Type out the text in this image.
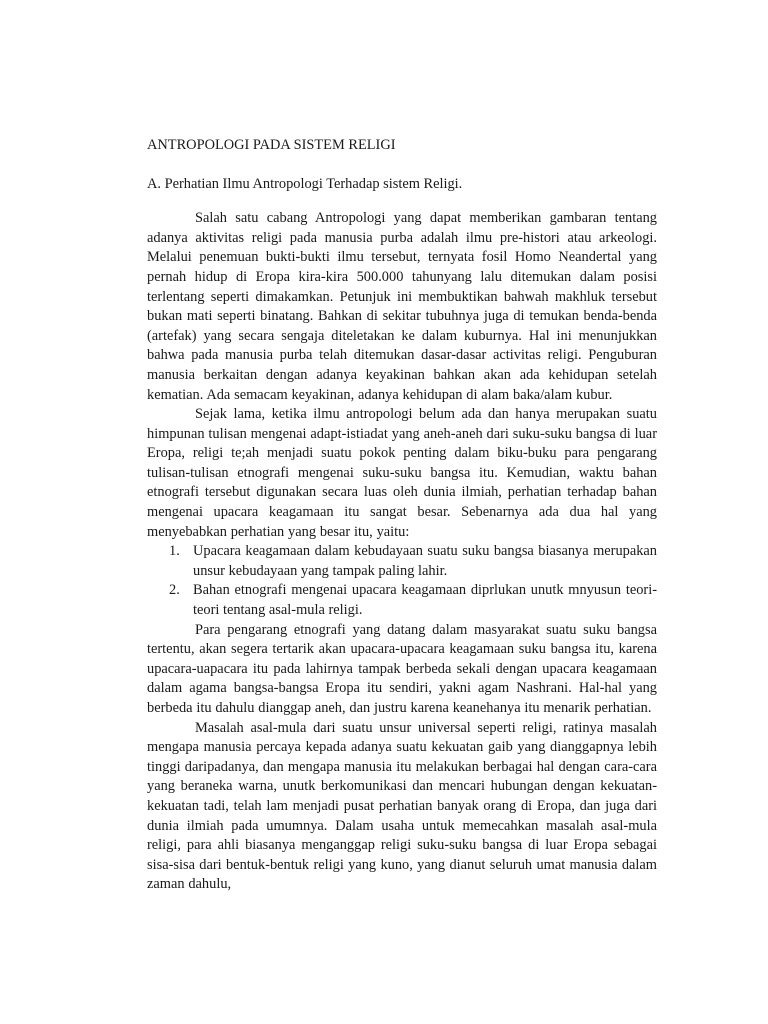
ANTROPOLOGI PADA SISTEM RELIGI

A. Perhatian Ilmu Antropologi Terhadap sistem Religi.

Salah satu cabang Antropologi yang dapat memberikan gambaran tentang adanya aktivitas religi pada manusia purba adalah ilmu pre-histori atau arkeologi. Melalui penemuan bukti-bukti ilmu tersebut, ternyata fosil Homo Neandertal yang pernah hidup di Eropa kira-kira 500.000 tahunyang lalu ditemukan dalam posisi terlentang seperti dimakamkan. Petunjuk ini membuktikan bahwah makhluk tersebut bukan mati seperti binatang. Bahkan di sekitar tubuhnya juga di temukan benda-benda (artefak) yang secara sengaja diteletakan ke dalam kuburnya. Hal ini menunjukkan bahwa pada manusia purba telah ditemukan dasar-dasar activitas religi. Penguburan manusia berkaitan dengan adanya keyakinan bahkan akan ada kehidupan setelah kematian. Ada semacam keyakinan, adanya kehidupan di alam baka/alam kubur.

Sejak lama, ketika ilmu antropologi belum ada dan hanya merupakan suatu himpunan tulisan mengenai adapt-istiadat yang aneh-aneh dari suku-suku bangsa di luar Eropa, religi te;ah menjadi suatu pokok penting dalam biku-buku para pengarang tulisan-tulisan etnografi mengenai suku-suku bangsa itu. Kemudian, waktu bahan etnografi tersebut digunakan secara luas oleh dunia ilmiah, perhatian terhadap bahan mengenai upacara keagamaan itu sangat besar. Sebenarnya ada dua hal yang menyebabkan perhatian yang besar itu, yaitu:

1. Upacara keagamaan dalam kebudayaan suatu suku bangsa biasanya merupakan unsur kebudayaan yang tampak paling lahir.
2. Bahan etnografi mengenai upacara keagamaan diprlukan unutk mnyusun teori-teori tentang asal-mula religi.

Para pengarang etnografi yang datang dalam masyarakat suatu suku bangsa tertentu, akan segera tertarik akan upacara-upacara keagamaan suku bangsa itu, karena upacara-uapacara itu pada lahirnya tampak berbeda sekali dengan upacara keagamaan dalam agama bangsa-bangsa Eropa itu sendiri, yakni agam Nashrani. Hal-hal yang berbeda itu dahulu dianggap aneh, dan justru karena keanehanya itu menarik perhatian.

Masalah asal-mula dari suatu unsur universal seperti religi, ratinya masalah mengapa manusia percaya kepada adanya suatu kekuatan gaib yang dianggapnya lebih tinggi daripadanya, dan mengapa manusia itu melakukan berbagai hal dengan cara-cara yang beraneka warna, unutk berkomunikasi dan mencari hubungan dengan kekuatan-kekuatan tadi, telah lam menjadi pusat perhatian banyak orang di Eropa, dan juga dari dunia ilmiah pada umumnya. Dalam usaha untuk memecahkan masalah asal-mula religi, para ahli biasanya menganggap religi suku-suku bangsa di luar Eropa sebagai sisa-sisa dari bentuk-bentuk religi yang kuno, yang dianut seluruh umat manusia dalam zaman dahulu,
